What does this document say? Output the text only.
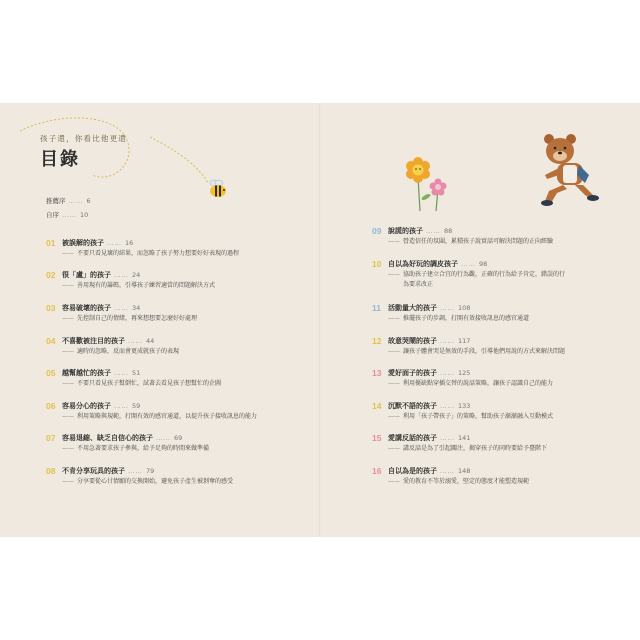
孩子還，你看比他更還
目錄
推薦序 …… 6
自序 …… 10
01 被誤解的孩子 …… 16
—— 不要只看見壞的結果，而忽略了孩子努力想要好好表現的過程
02 很「盧」的孩子 …… 24
—— 善用現有的籌碼，引導孩子練習適當的問題解決方式
03 容易破壞的孩子 …… 34
—— 先控制自己的情緒，再來想想要怎麼好好處理
04 不喜歡被注目的孩子 …… 44
—— 適時的忽略，反而會更成就孩子的表現
05 越幫越忙的孩子 …… 51
—— 不要只看見孩子幫倒忙，試著去看見孩子想幫忙的企圖
06 容易分心的孩子 …… 59
—— 利用策略與規範，打開有效的感官通道，以提升孩子接收訊息的能力
07 容易退縮、缺乏自信心的孩子 …… 69
—— 不用急著要求孩子參與，給予足夠的時間來做準備
08 不肯分享玩具的孩子 …… 79
—— 分享要從心甘情願的交換開始，避免孩子產生被剝奪的感受
09 說謊的孩子 …… 88
—— 營造信任的氛圍，累積孩子說實話可解決問題的正向經驗
10 自以為好玩的調皮孩子 …… 98
—— 協助孩子建立合宜的行為觀，正確的行為給予肯定，錯誤的行
為要求改正
11 活動量大的孩子 …… 108
—— 推擺孩子的步調，打開有效接收訊息的感官通道
12 故意哭鬧的孩子 …… 117
—— 讓孩子體會哭是無效的手段，引導他們用說的方式來解決問題
13 愛好面子的孩子 …… 125
—— 利用優缺點穿插交替的說話策略，讓孩子認識自己的能力
14 沉默不語的孩子 …… 133
—— 利用「孩子帶孩子」的策略，幫助孩子漸漸融入互動模式
15 愛講反話的孩子 …… 141
—— 講反話是為了引起關注，揭穿孩子的同時要給予臺階下
16 自以為是的孩子 …… 148
—— 愛的教育不等於溺愛，堅定的態度才能塑造規範
